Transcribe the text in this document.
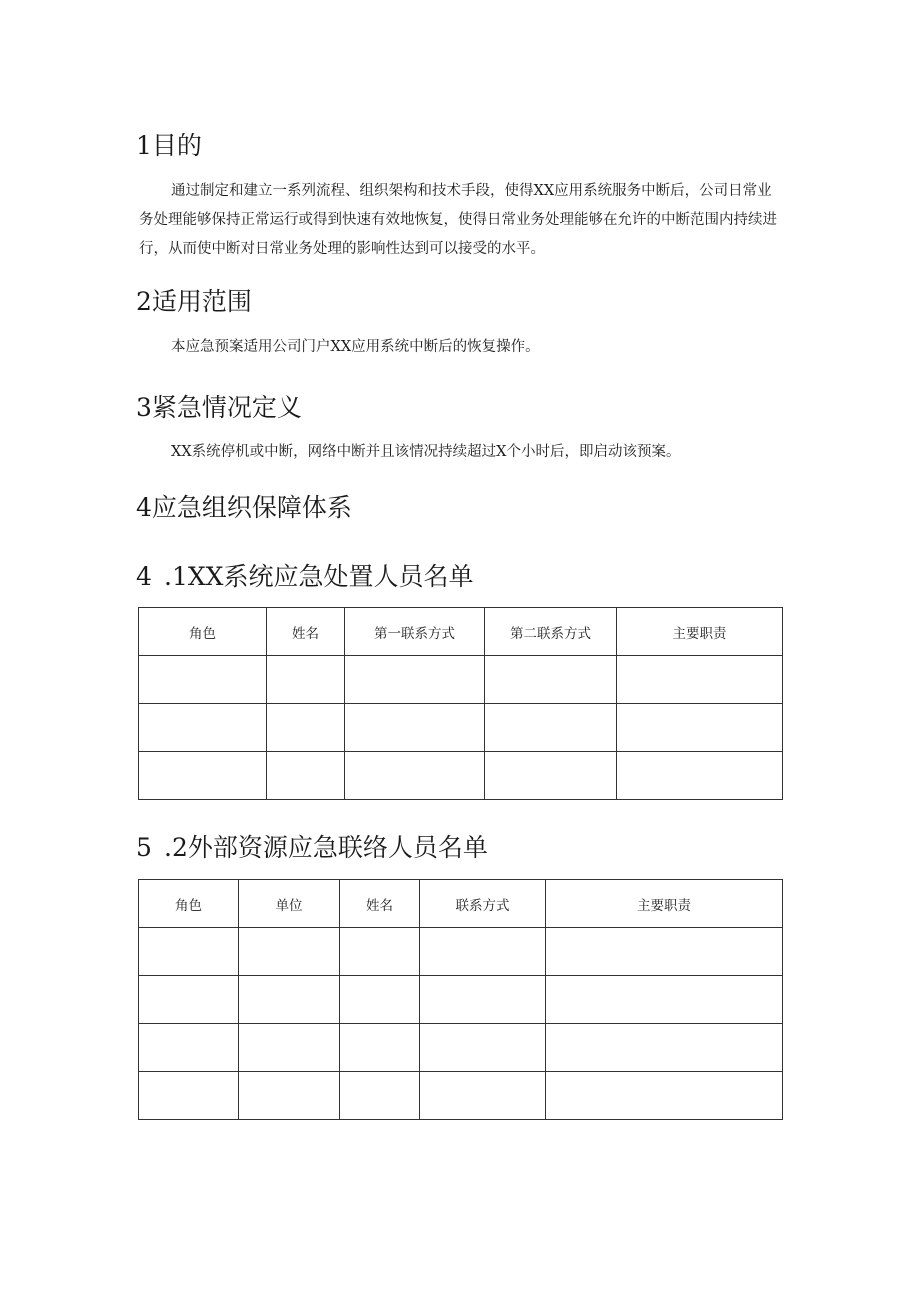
1目的

通过制定和建立一系列流程、组织架构和技术手段，使得XX应用系统服务中断后，公司日常业务处理能够保持正常运行或得到快速有效地恢复，使得日常业务处理能够在允许的中断范围内持续进行，从而使中断对日常业务处理的影响性达到可以接受的水平。

2适用范围

本应急预案适用公司门户XX应用系统中断后的恢复操作。

3紧急情况定义

XX系统停机或中断，网络中断并且该情况持续超过X个小时后，即启动该预案。

4应急组织保障体系
4 .1XX系统应急处置人员名单
角色	姓名	第一联系方式	第二联系方式	主要职责

5 .2外部资源应急联络人员名单
角色	单位	姓名	联系方式	主要职责
